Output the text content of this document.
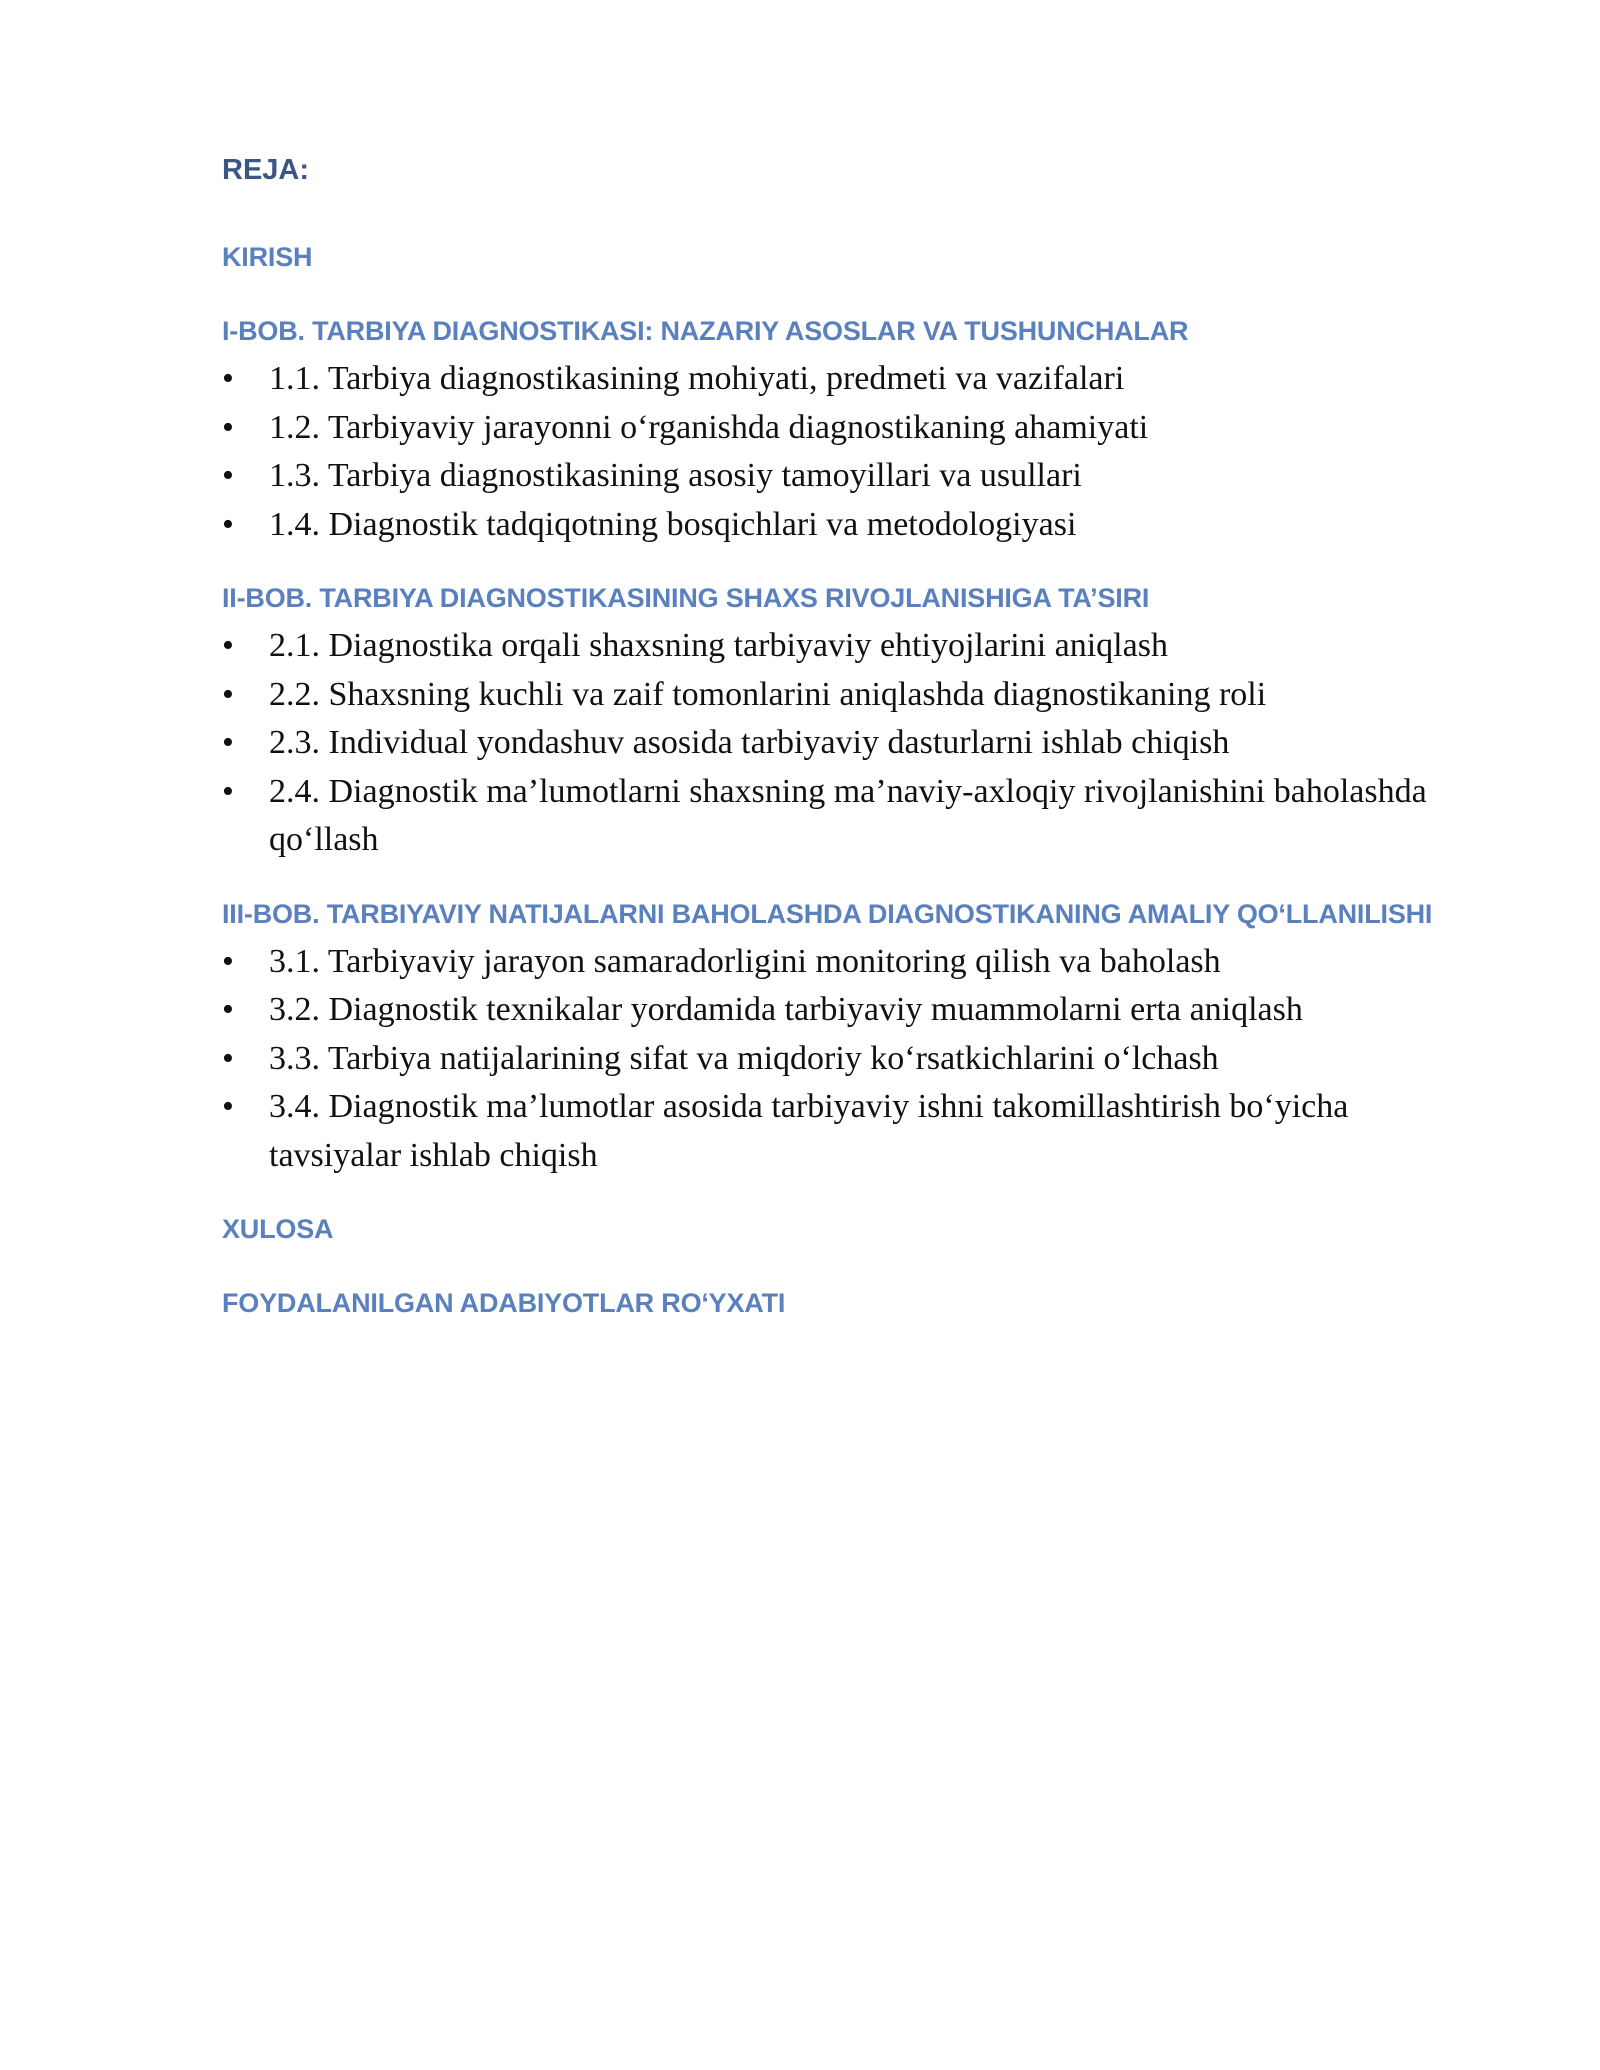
REJA:
KIRISH
I-BOB. TARBIYA DIAGNOSTIKASI: NAZARIY ASOSLAR VA TUSHUNCHALAR
• 1.1. Tarbiya diagnostikasining mohiyati, predmeti va vazifalari
• 1.2. Tarbiyaviy jarayonni o‘rganishda diagnostikaning ahamiyati
• 1.3. Tarbiya diagnostikasining asosiy tamoyillari va usullari
• 1.4. Diagnostik tadqiqotning bosqichlari va metodologiyasi
II-BOB. TARBIYA DIAGNOSTIKASINING SHAXS RIVOJLANISHIGA TA’SIRI
• 2.1. Diagnostika orqali shaxsning tarbiyaviy ehtiyojlarini aniqlash
• 2.2. Shaxsning kuchli va zaif tomonlarini aniqlashda diagnostikaning roli
• 2.3. Individual yondashuv asosida tarbiyaviy dasturlarni ishlab chiqish
• 2.4. Diagnostik ma’lumotlarni shaxsning ma’naviy-axloqiy rivojlanishini baholashda qo‘llash
III-BOB. TARBIYAVIY NATIJALARNI BAHOLASHDA DIAGNOSTIKANING AMALIY QO‘LLANILISHI
• 3.1. Tarbiyaviy jarayon samaradorligini monitoring qilish va baholash
• 3.2. Diagnostik texnikalar yordamida tarbiyaviy muammolarni erta aniqlash
• 3.3. Tarbiya natijalarining sifat va miqdoriy ko‘rsatkichlarini o‘lchash
• 3.4. Diagnostik ma’lumotlar asosida tarbiyaviy ishni takomillashtirish bo‘yicha tavsiyalar ishlab chiqish
XULOSA
FOYDALANILGAN ADABIYOTLAR RO‘YXATI
